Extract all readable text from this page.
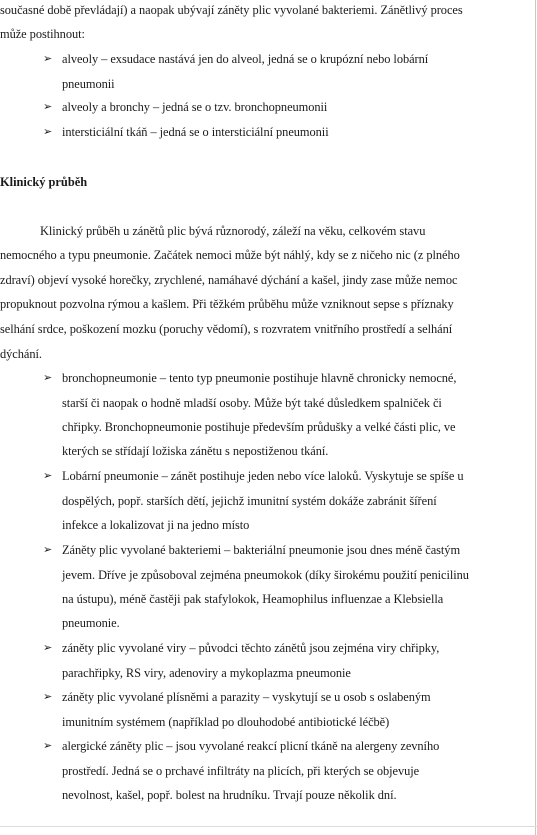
současné době převládají) a naopak ubývají záněty plic vyvolané bakteriemi. Zánětlivý proces
může postihnout:
➢ alveoly – exsudace nastává jen do alveol, jedná se o krupózní nebo lobární
pneumonii
➢ alveoly a bronchy – jedná se o tzv. bronchopneumonii
➢ intersticiální tkáň – jedná se o intersticiální pneumonii
Klinický průběh
Klinický průběh u zánětů plic bývá různorodý, záleží na věku, celkovém stavu
nemocného a typu pneumonie. Začátek nemoci může být náhlý, kdy se z ničeho nic (z plného
zdraví) objeví vysoké horečky, zrychlené, namáhavé dýchání a kašel, jindy zase může nemoc
propuknout pozvolna rýmou a kašlem. Při těžkém průběhu může vzniknout sepse s příznaky
selhání srdce, poškození mozku (poruchy vědomí), s rozvratem vnitřního prostředí a selhání
dýchání.
➢ bronchopneumonie – tento typ pneumonie postihuje hlavně chronicky nemocné,
starší či naopak o hodně mladší osoby. Může být také důsledkem spalniček či
chřipky. Bronchopneumonie postihuje především průdušky a velké části plic, ve
kterých se střídají ložiska zánětu s nepostiženou tkání.
➢ Lobární pneumonie – zánět postihuje jeden nebo více laloků. Vyskytuje se spíše u
dospělých, popř. starších dětí, jejichž imunitní systém dokáže zabránit šíření
infekce a lokalizovat ji na jedno místo
➢ Záněty plic vyvolané bakteriemi – bakteriální pneumonie jsou dnes méně častým
jevem. Dříve je způsoboval zejména pneumokok (díky širokému použití penicilinu
na ústupu), méně častěji pak stafylokok, Heamophilus influenzae a Klebsiella
pneumonie.
➢ záněty plic vyvolané viry – původci těchto zánětů jsou zejména viry chřipky,
parachřipky, RS viry, adenoviry a mykoplazma pneumonie
➢ záněty plic vyvolané plísněmi a parazity – vyskytují se u osob s oslabeným
imunitním systémem (například po dlouhodobé antibiotické léčbě)
➢ alergické záněty plic – jsou vyvolané reakcí plicní tkáně na alergeny zevního
prostředí. Jedná se o prchavé infiltráty na plicích, při kterých se objevuje
nevolnost, kašel, popř. bolest na hrudníku. Trvají pouze několik dní.
